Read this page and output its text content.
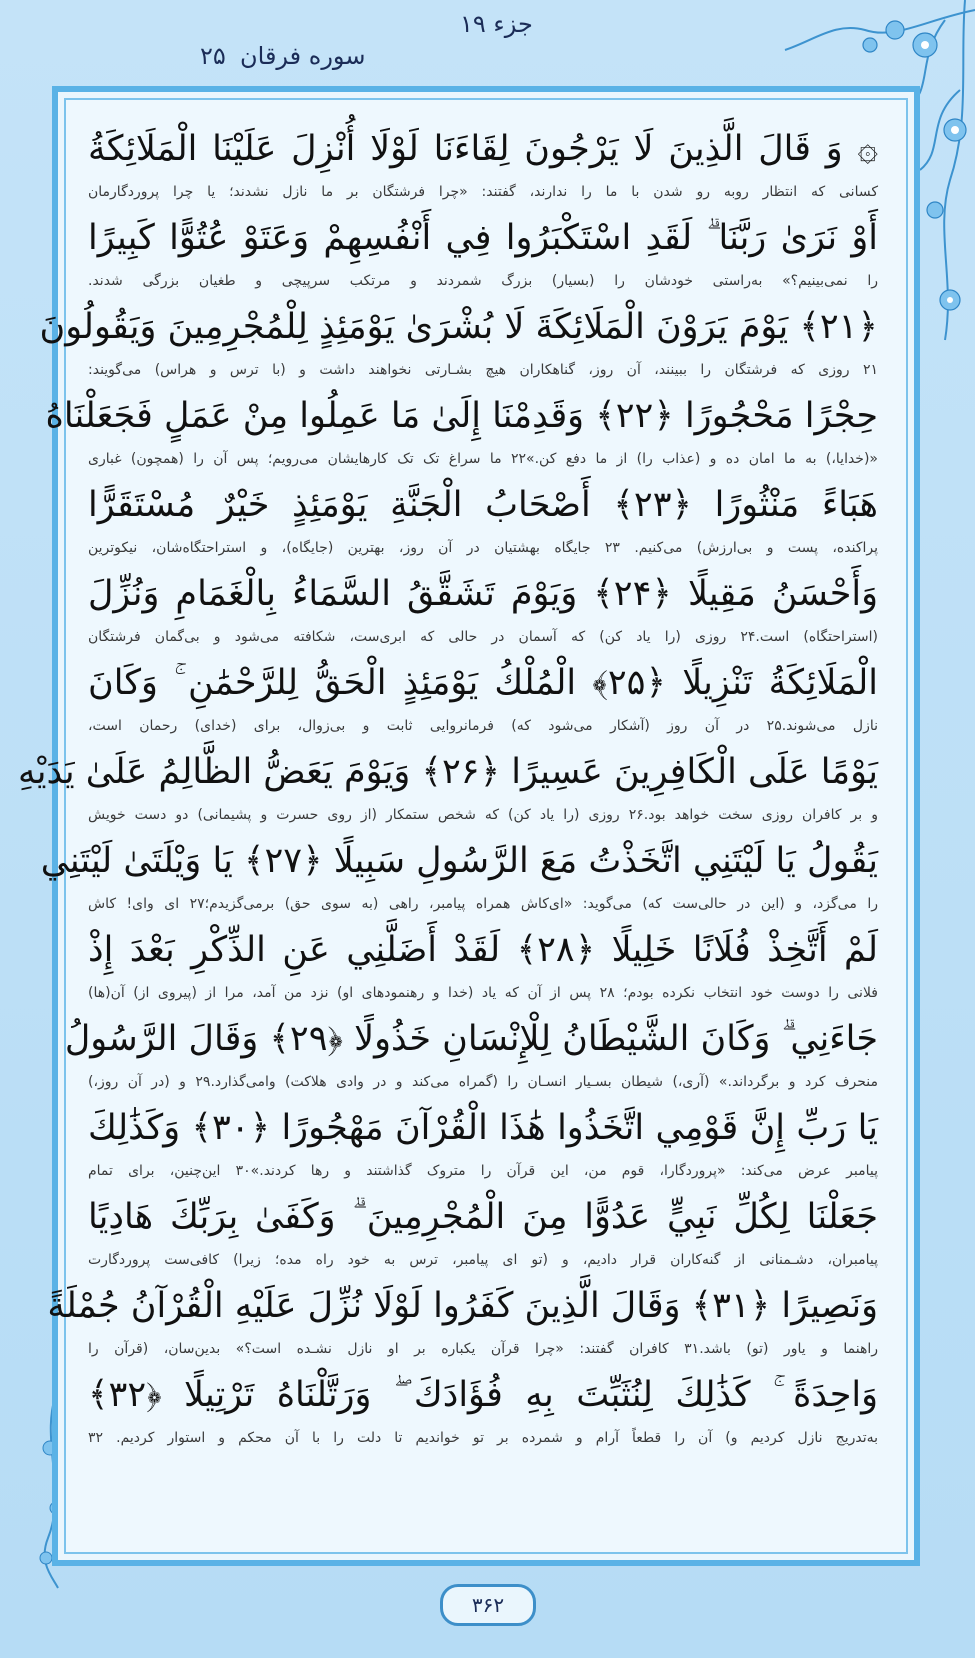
سوره فرقان
۲۵
جزء ۱۹
۞ وَ قَالَ الَّذِينَ لَا يَرْجُونَ لِقَاءَنَا لَوْلَا أُنْزِلَ عَلَيْنَا الْمَلَائِكَةُ
کسانی که انتظار رو‌به رو شدن با ما را ندارند، گفتند: «چرا فرشتگان بر ما نازل نشدند؛ یا چرا پروردگارمان
أَوْ نَرَىٰ رَبَّنَا ۗ لَقَدِ اسْتَكْبَرُوا فِي أَنْفُسِهِمْ وَعَتَوْ عُتُوًّا كَبِيرًا
را نمی‌بینیم؟» به‌راستی خودشان را (بسیار) بزرگ شمردند و مرتکب سرپیچی و طغیان بزرگی شدند.
﴿۲۱﴾ يَوْمَ يَرَوْنَ الْمَلَائِكَةَ لَا بُشْرَىٰ يَوْمَئِذٍ لِلْمُجْرِمِينَ وَيَقُولُونَ
۲۱ روزی که فرشتگان را ببینند، آن روز، گناهکاران هیچ بشـارتی نخواهند داشت و (با ترس و هراس) می‌گویند:
حِجْرًا مَحْجُورًا ﴿۲۲﴾ وَقَدِمْنَا إِلَىٰ مَا عَمِلُوا مِنْ عَمَلٍ فَجَعَلْنَاهُ
«(خدایا،) به ما امان ده و (عذاب را) از ما دفع کن.»۲۲ ما سراغ تک تک کارهایشان می‌رویم؛ پس آن را (همچون) غباری
هَبَاءً مَنْثُورًا ﴿۲۳﴾ أَصْحَابُ الْجَنَّةِ يَوْمَئِذٍ خَيْرٌ مُسْتَقَرًّا
پراکنده، پست و بی‌ارزش) می‌کنیم. ۲۳ جایگاه بهشتیان در آن روز، بهترین (جایگاه)، و استراحتگاه‌شان، نیکوترین
وَأَحْسَنُ مَقِيلًا ﴿۲۴﴾ وَيَوْمَ تَشَقَّقُ السَّمَاءُ بِالْغَمَامِ وَنُزِّلَ
(استراحتگاه) است.۲۴ روزی (را یاد کن) که آسمان در حالی که ابری‌ست، شکافته می‌شود و بی‌گمان فرشتگان
الْمَلَائِكَةُ تَنْزِيلًا ﴿۲۵﴾ الْمُلْكُ يَوْمَئِذٍ الْحَقُّ لِلرَّحْمَٰنِ ۚ وَكَانَ
نازل می‌شوند.۲۵ در آن روز (آشکار می‌شود که) فرمانروایی ثابت و بی‌زوال، برای (خدای) رحمان است،
يَوْمًا عَلَى الْكَافِرِينَ عَسِيرًا ﴿۲۶﴾ وَيَوْمَ يَعَضُّ الظَّالِمُ عَلَىٰ يَدَيْهِ
و بر کافران روزی سخت خواهد بود.۲۶ روزی (را یاد کن) که شخص ستمکار (از روی حسرت و پشیمانی) دو دست خویش
يَقُولُ يَا لَيْتَنِي اتَّخَذْتُ مَعَ الرَّسُولِ سَبِيلًا ﴿۲۷﴾ يَا وَيْلَتَىٰ لَيْتَنِي
را می‌گزد، و (این در حالی‌ست که) می‌گوید: «ای‌کاش همراه پیامبر، راهی (به سوی حق) برمی‌گزیدم؛۲۷ ای وای! کاش
لَمْ أَتَّخِذْ فُلَانًا خَلِيلًا ﴿۲۸﴾ لَقَدْ أَضَلَّنِي عَنِ الذِّكْرِ بَعْدَ إِذْ
فلانی را دوست خود انتخاب نکرده بودم؛ ۲۸ پس از آن که یاد (خدا و رهنمودهای او) نزد من آمد، مرا از (پیروی از) آن(ها)
جَاءَنِي ۗ وَكَانَ الشَّيْطَانُ لِلْإِنْسَانِ خَذُولًا ﴿۲۹﴾ وَقَالَ الرَّسُولُ
منحرف کرد و برگرداند.» (آری،) شیطان بسـیار انسـان را (گمراه می‌کند و در وادی هلاکت) وامی‌گذارد.۲۹ و (در آن روز،)
يَا رَبِّ إِنَّ قَوْمِي اتَّخَذُوا هَٰذَا الْقُرْآنَ مَهْجُورًا ﴿۳۰﴾ وَكَذَٰلِكَ
پیامبر عرض می‌کند: «پروردگارا، قوم من، این قرآن را متروک گذاشتند و رها کردند.»۳۰ این‌چنین، برای تمام
جَعَلْنَا لِكُلِّ نَبِيٍّ عَدُوًّا مِنَ الْمُجْرِمِينَ ۗ وَكَفَىٰ بِرَبِّكَ هَادِيًا
پیامبران، دشـمنانی از گنه‌کاران قرار دادیم، و (تو ای پیامبر، ترس به خود راه مده؛ زیرا) کافی‌ست پروردگارت
وَنَصِيرًا ﴿۳۱﴾ وَقَالَ الَّذِينَ كَفَرُوا لَوْلَا نُزِّلَ عَلَيْهِ الْقُرْآنُ جُمْلَةً
راهنما و یاور (تو) باشد.۳۱ کافران گفتند: «چرا قرآن یکباره بر او نازل نشـده است؟» بدین‌سان، (قرآن را
وَاحِدَةً ۚ كَذَٰلِكَ لِنُثَبِّتَ بِهِ فُؤَادَكَ ۖ وَرَتَّلْنَاهُ تَرْتِيلًا ﴿۳۲﴾
به‌تدریج نازل کردیم و) آن را قطعاً آرام و شمرده بر تو خواندیم تا دلت را با آن محکم و استوار کردیم. ۳۲
۳۶۲
